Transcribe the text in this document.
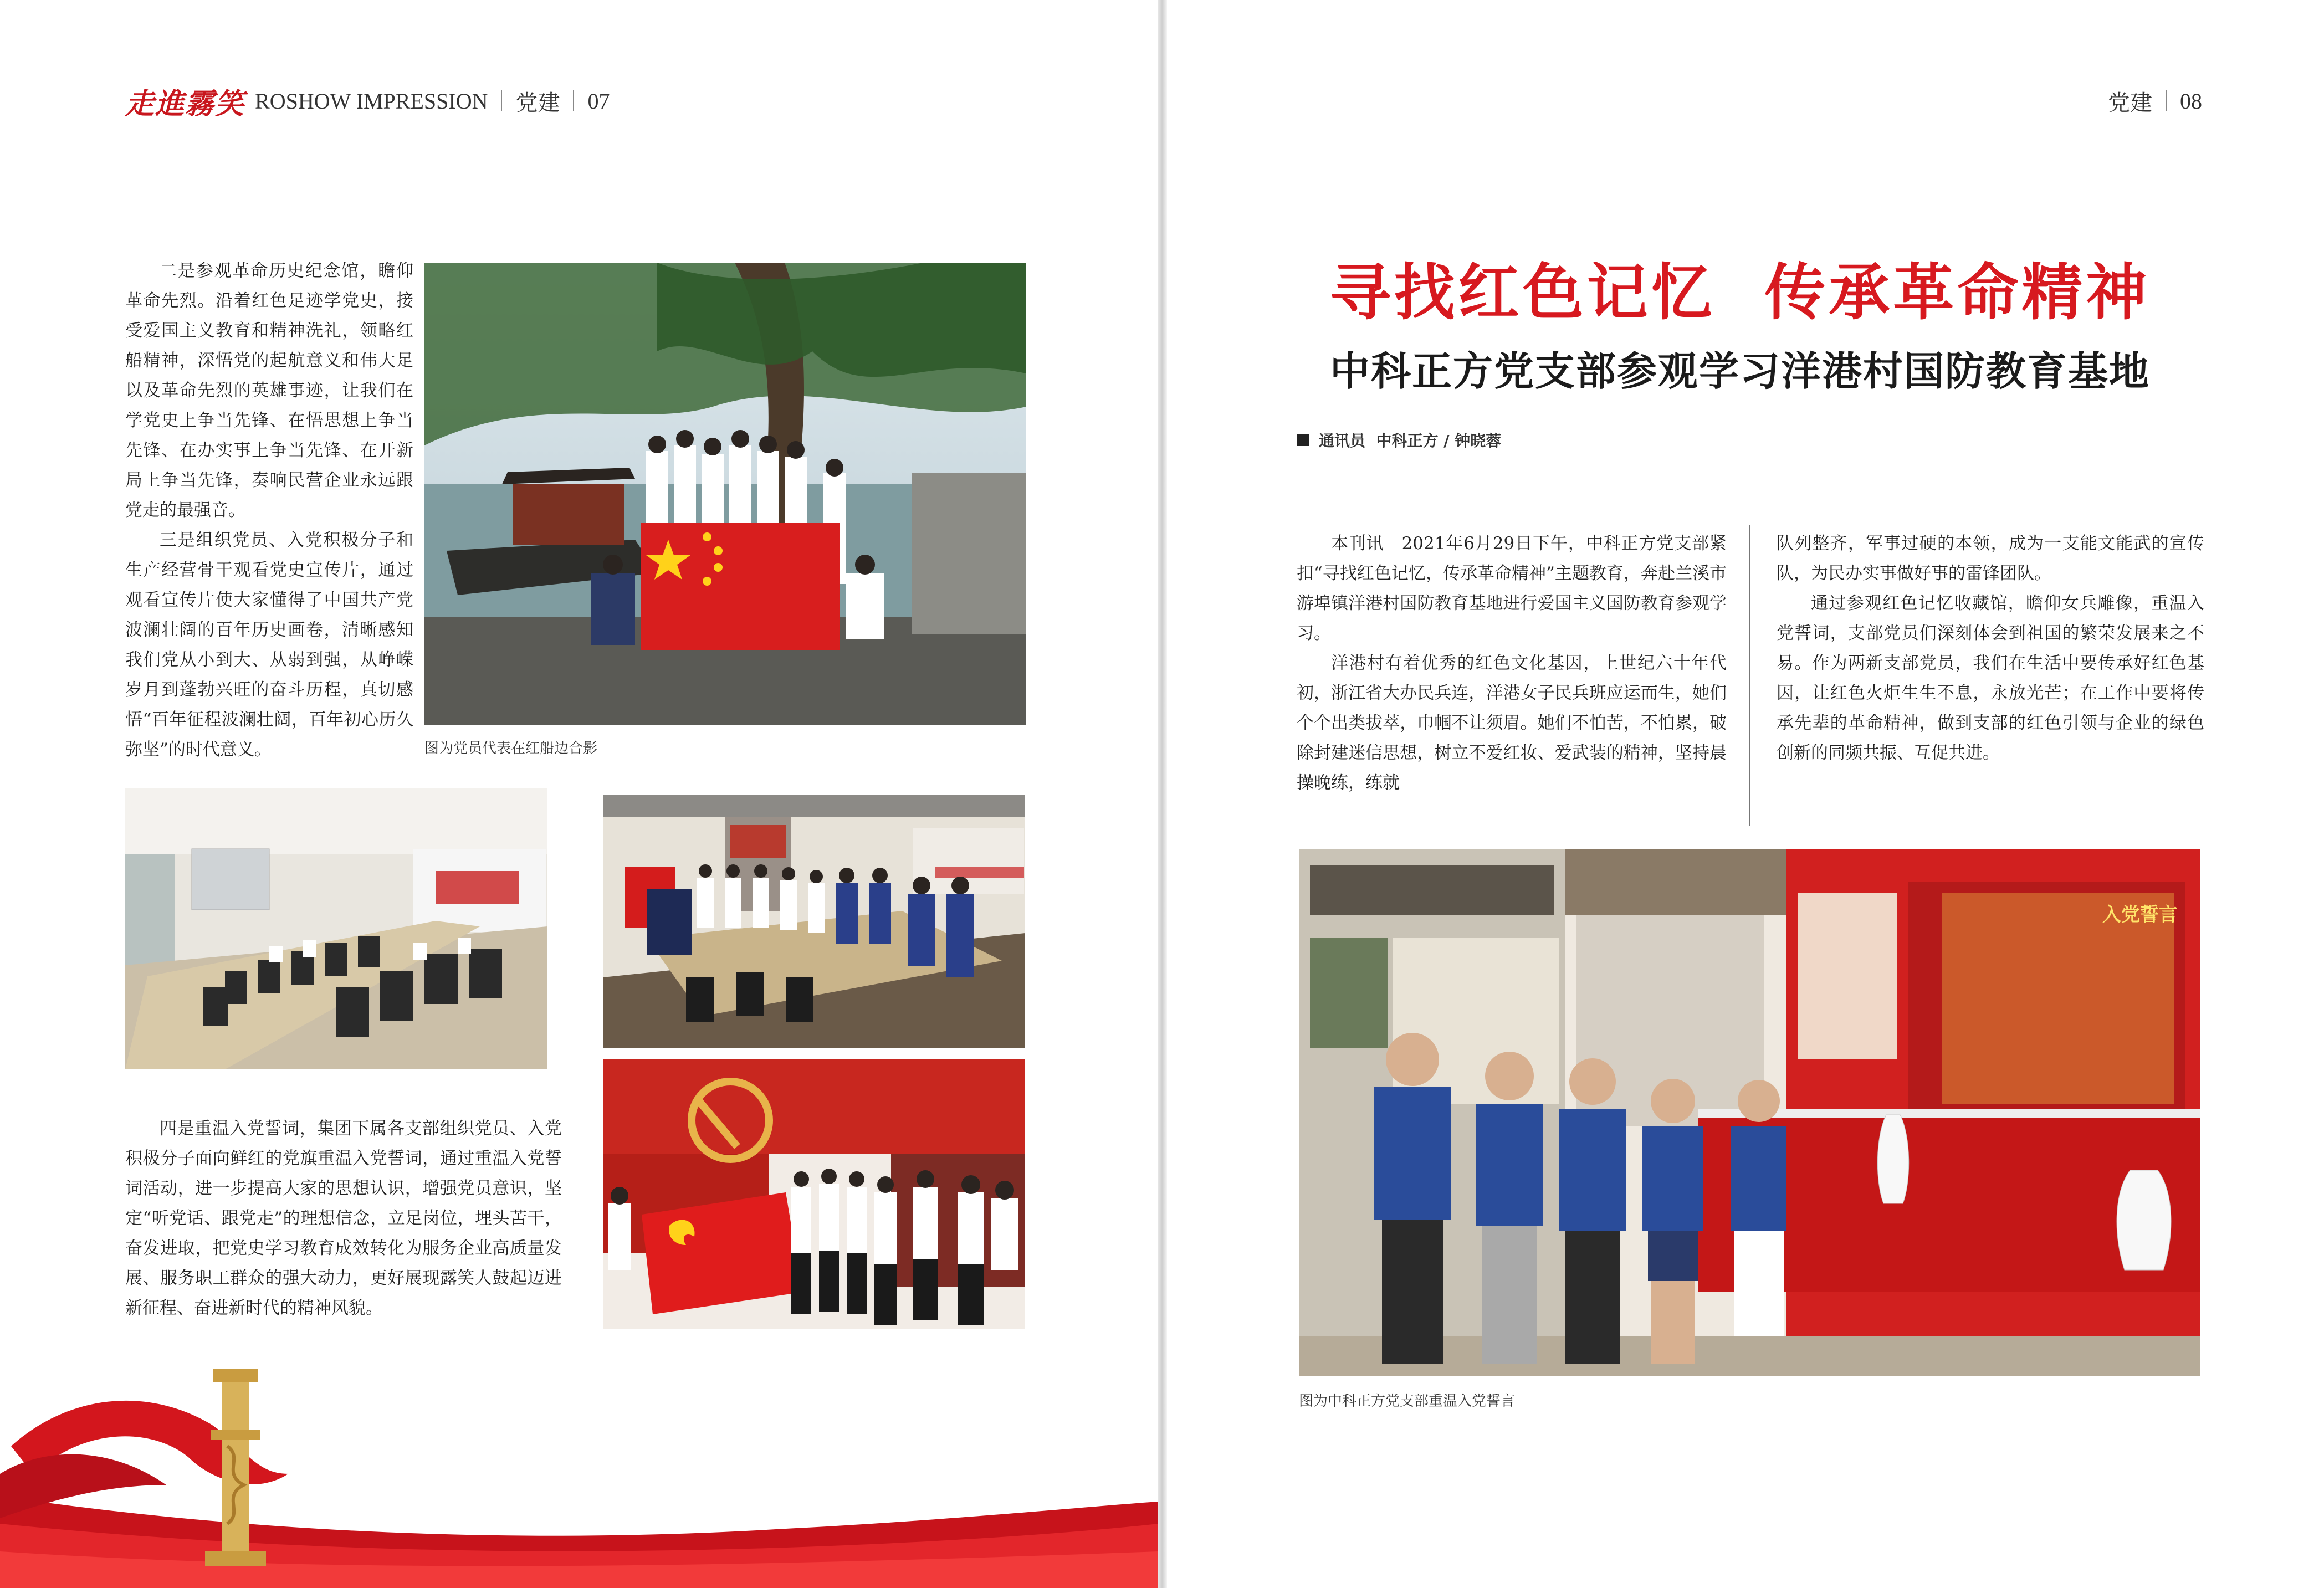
走進霧笑 ROSHOW IMPRESSION 党建 07

二是参观革命历史纪念馆，瞻仰革命先烈。沿着红色足迹学党史，接受爱国主义教育和精神洗礼，领略红船精神，深悟党的起航意义和伟大足以及革命先烈的英雄事迹，让我们在学党史上争当先锋、在悟思想上争当先锋、在办实事上争当先锋、在开新局上争当先锋，奏响民营企业永远跟党走的最强音。

三是组织党员、入党积极分子和生产经营骨干观看党史宣传片，通过观看宣传片使大家懂得了中国共产党波澜壮阔的百年历史画卷，清晰感知我们党从小到大、从弱到强，从峥嵘岁月到蓬勃兴旺的奋斗历程，真切感悟“百年征程波澜壮阔，百年初心历久弥坚”的时代意义。	图为党员代表在红船边合影

四是重温入党誓词，集团下属各支部组织党员、入党积极分子面向鲜红的党旗重温入党誓词，通过重温入党誓词活动，进一步提高大家的思想认识，增强党员意识，坚定“听党话、跟党走”的理想信念，立足岗位，埋头苦干，奋发进取，把党史学习教育成效转化为服务企业高质量发展、服务职工群众的强大动力，更好展现露笑人鼓起迈进新征程、奋进新时代的精神风貌。

党建 08
寻找红色记忆  传承革命精神
中科正方党支部参观学习洋港村国防教育基地
通讯员  中科正方 / 钟晓蓉

本刊讯　2021年6月29日下午，中科正方党支部紧扣“寻找红色记忆，传承革命精神”主题教育，奔赴兰溪市游埠镇洋港村国防教育基地进行爱国主义国防教育参观学习。

洋港村有着优秀的红色文化基因，上世纪六十年代初，浙江省大办民兵连，洋港女子民兵班应运而生，她们个个出类拔萃，巾帼不让须眉。她们不怕苦，不怕累，破除封建迷信思想，树立不爱红妆、爱武装的精神，坚持晨操晚练，练就

队列整齐，军事过硬的本领，成为一支能文能武的宣传队，为民办实事做好事的雷锋团队。

通过参观红色记忆收藏馆，瞻仰女兵雕像，重温入党誓词，支部党员们深刻体会到祖国的繁荣发展来之不易。作为两新支部党员，我们在生活中要传承好红色基因，让红色火炬生生不息，永放光芒；在工作中要将传承先辈的革命精神，做到支部的红色引领与企业的绿色创新的同频共振、互促共进。

入党誓言
图为中科正方党支部重温入党誓言
